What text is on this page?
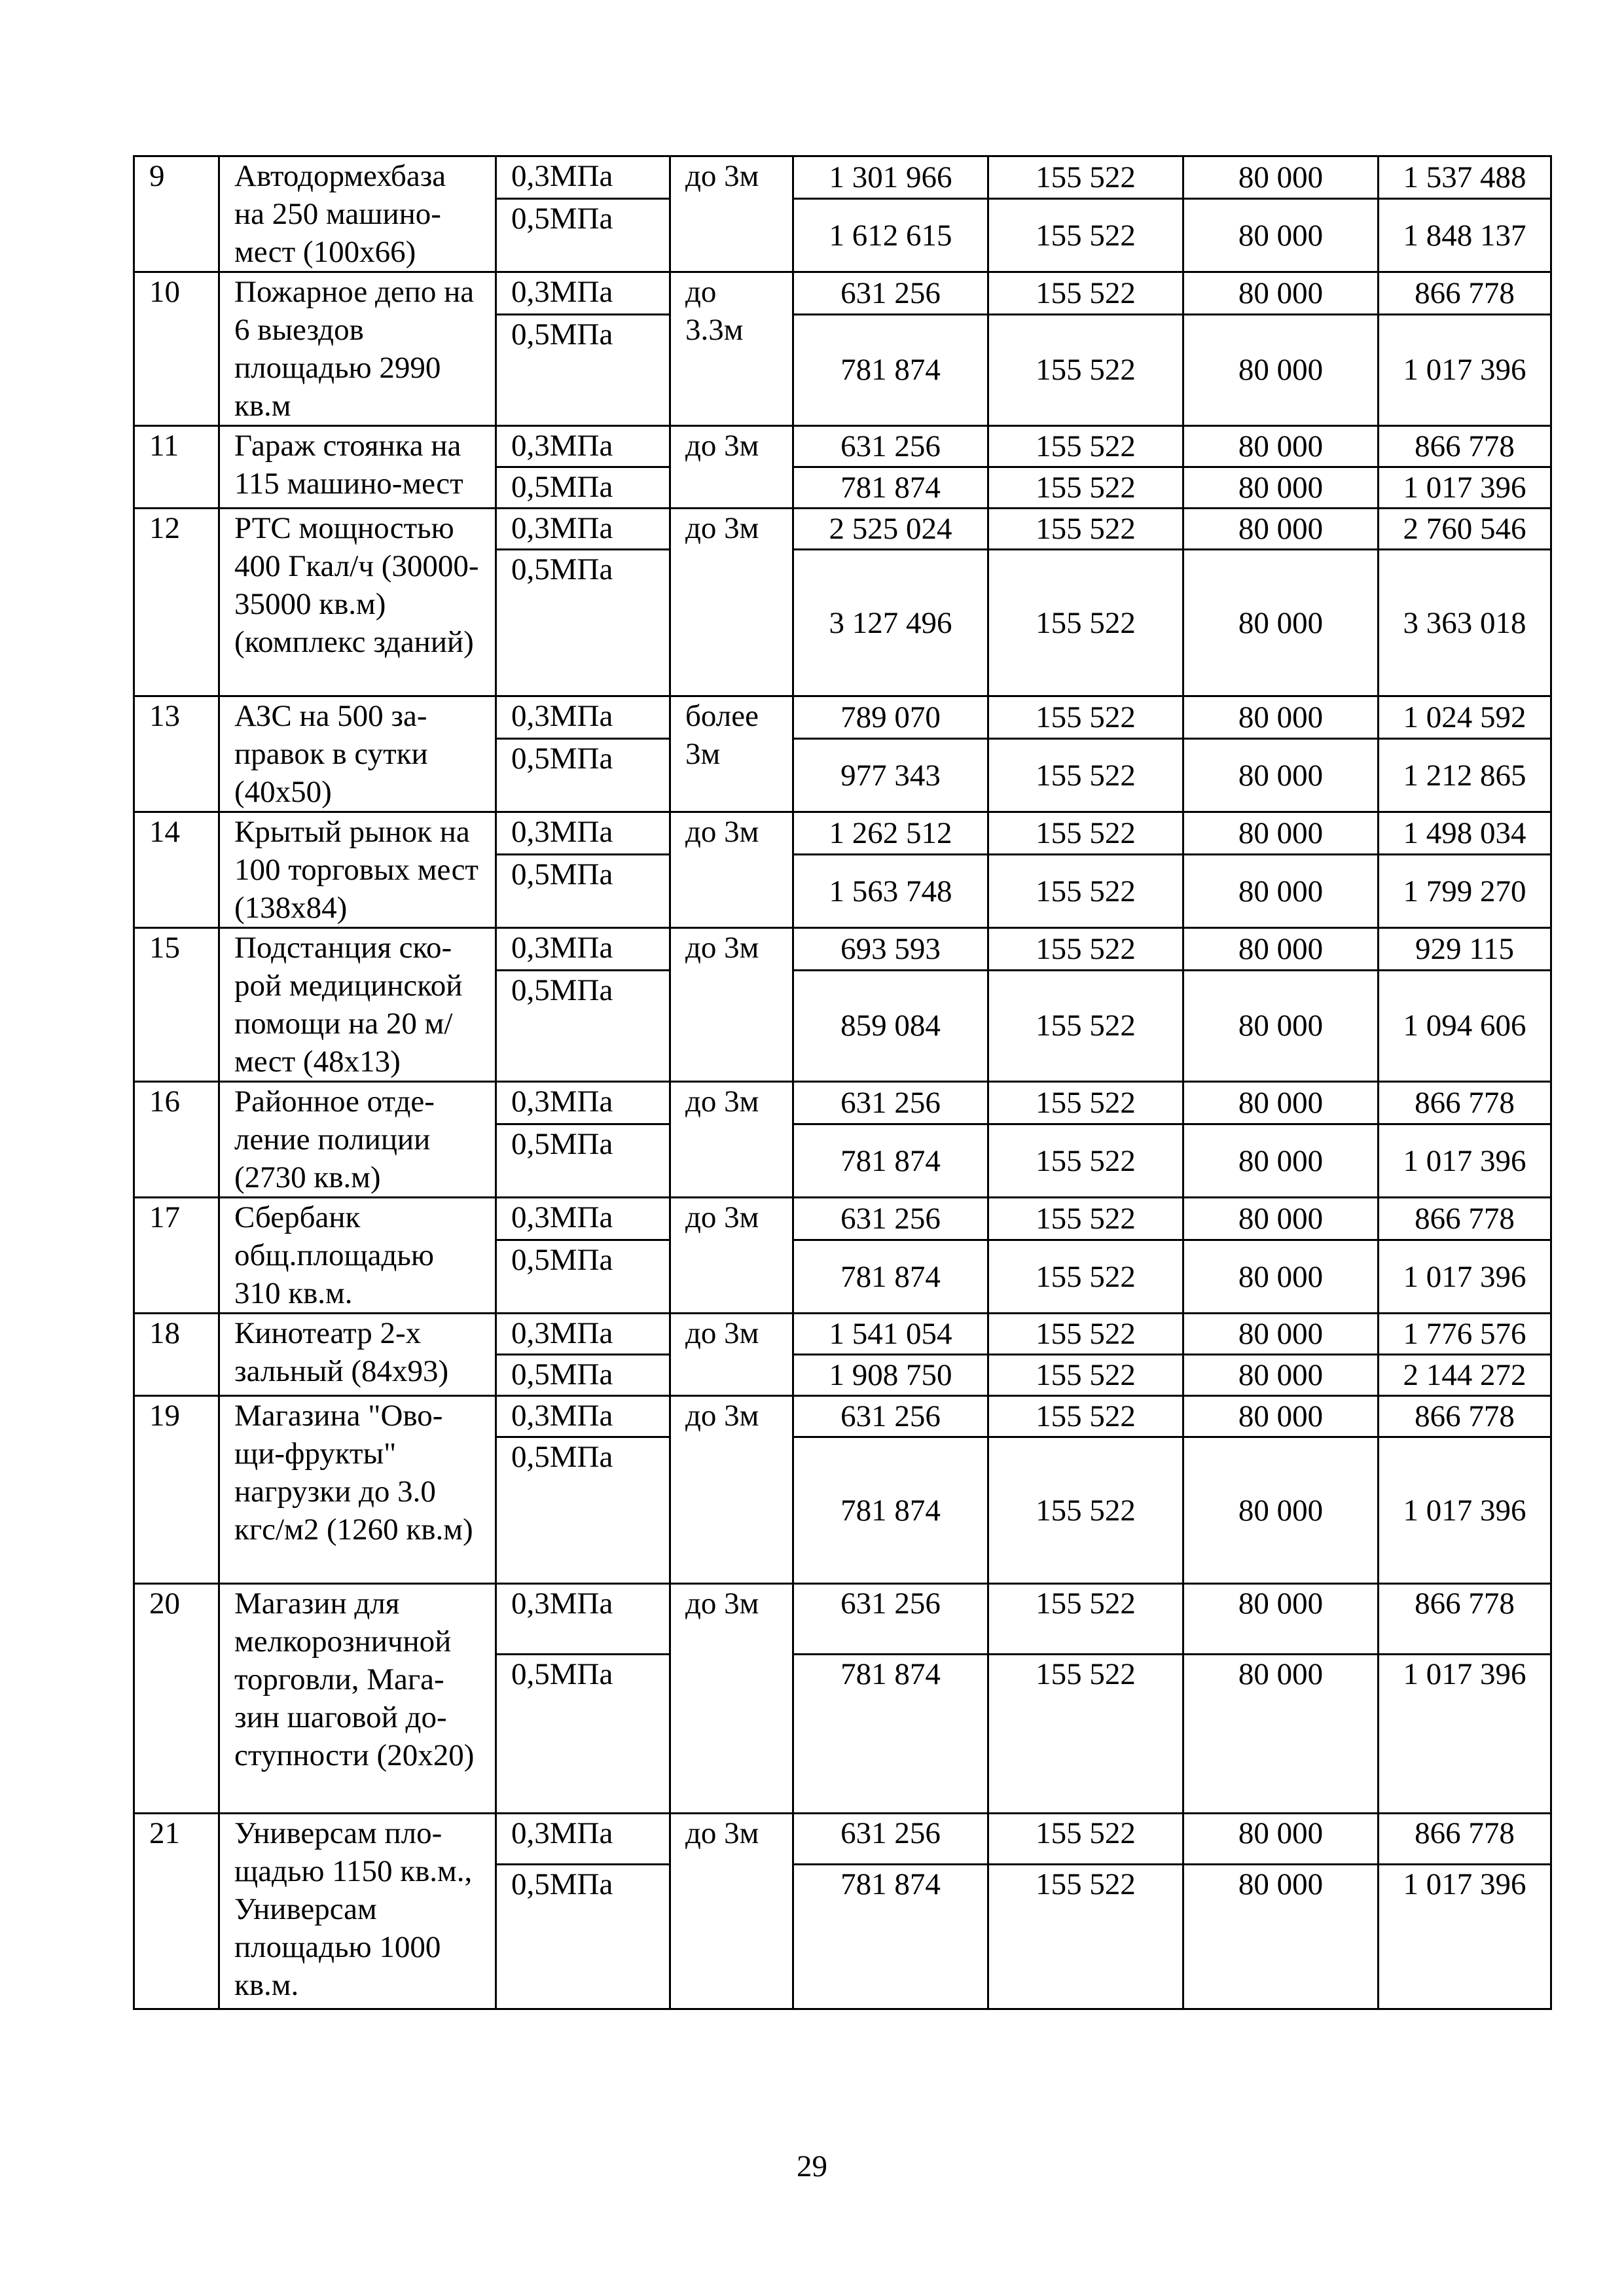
9	Автодормехбаза на 250 машино-мест (100х66)	0,3МПа	до 3м	1 301 966	155 522	80 000	1 537 488
		0,5МПа		1 612 615	155 522	80 000	1 848 137
10	Пожарное депо на 6 выездов площадью 2990 кв.м	0,3МПа	до 3.3м	631 256	155 522	80 000	866 778
		0,5МПа		781 874	155 522	80 000	1 017 396
11	Гараж стоянка на 115 машино-мест	0,3МПа	до 3м	631 256	155 522	80 000	866 778
		0,5МПа		781 874	155 522	80 000	1 017 396
12	РТС мощностью 400 Гкал/ч (30000-35000 кв.м)(комплекс зданий)	0,3МПа	до 3м	2 525 024	155 522	80 000	2 760 546
		0,5МПа		3 127 496	155 522	80 000	3 363 018
13	АЗС на 500 за-правок в сутки (40х50)	0,3МПа	более 3м	789 070	155 522	80 000	1 024 592
		0,5МПа		977 343	155 522	80 000	1 212 865
14	Крытый рынок на 100 торговых мест (138х84)	0,3МПа	до 3м	1 262 512	155 522	80 000	1 498 034
		0,5МПа		1 563 748	155 522	80 000	1 799 270
15	Подстанция ско-рой медицинской помощи на 20 м/мест (48х13)	0,3МПа	до 3м	693 593	155 522	80 000	929 115
		0,5МПа		859 084	155 522	80 000	1 094 606
16	Районное отде-ление полиции (2730 кв.м)	0,3МПа	до 3м	631 256	155 522	80 000	866 778
		0,5МПа		781 874	155 522	80 000	1 017 396
17	Сбербанк общ.площадью 310 кв.м.	0,3МПа	до 3м	631 256	155 522	80 000	866 778
		0,5МПа		781 874	155 522	80 000	1 017 396
18	Кинотеатр 2-х зальный (84х93)	0,3МПа	до 3м	1 541 054	155 522	80 000	1 776 576
		0,5МПа		1 908 750	155 522	80 000	2 144 272
19	Магазина "Ово-щи-фрукты" нагрузки до 3.0 кгс/м2 (1260 кв.м)	0,3МПа	до 3м	631 256	155 522	80 000	866 778
		0,5МПа		781 874	155 522	80 000	1 017 396
20	Магазин для мелкорозничной торговли, Мага-зин шаговой до-ступности (20х20)	0,3МПа	до 3м	631 256	155 522	80 000	866 778
		0,5МПа		781 874	155 522	80 000	1 017 396
21	Универсам пло-щадью 1150 кв.м., Универсам площадью 1000 кв.м.	0,3МПа	до 3м	631 256	155 522	80 000	866 778
		0,5МПа		781 874	155 522	80 000	1 017 396
29
